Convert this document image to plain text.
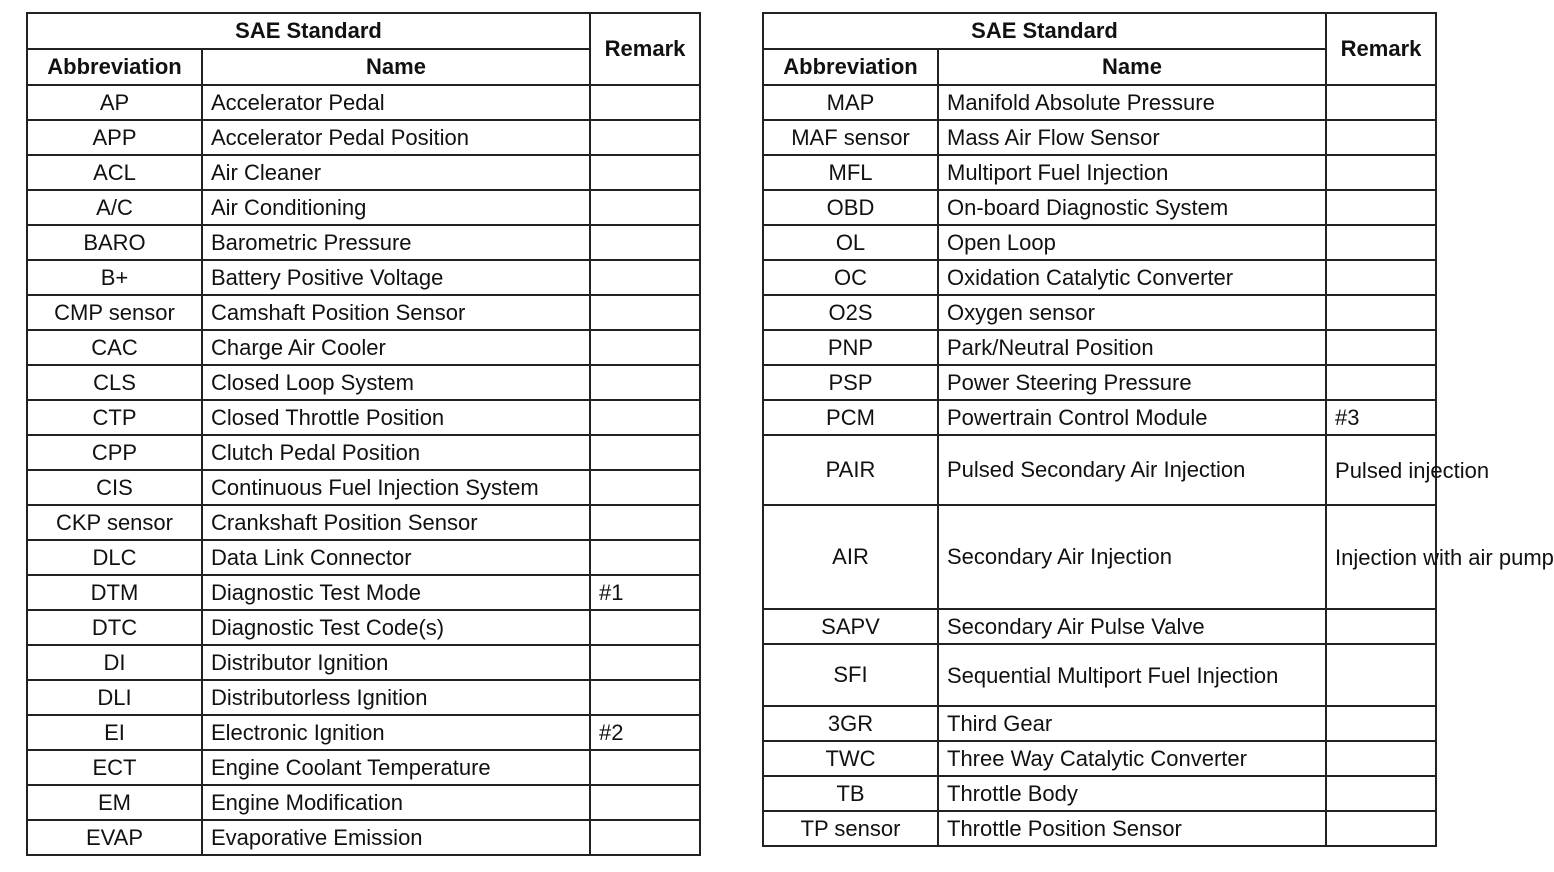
SAE Standard		Remark
Abbreviation	Name	
AP	Accelerator Pedal	
APP	Accelerator Pedal Position	
ACL	Air Cleaner	
A/C	Air Conditioning	
BARO	Barometric Pressure	
B+	Battery Positive Voltage	
CMP sensor	Camshaft Position Sensor	
CAC	Charge Air Cooler	
CLS	Closed Loop System	
CTP	Closed Throttle Position	
CPP	Clutch Pedal Position	
CIS	Continuous Fuel Injection System	
CKP sensor	Crankshaft Position Sensor	
DLC	Data Link Connector	
DTM	Diagnostic Test Mode	#1
DTC	Diagnostic Test Code(s)	
DI	Distributor Ignition	
DLI	Distributorless Ignition	
EI	Electronic Ignition	#2
ECT	Engine Coolant Temperature	
EM	Engine Modification	
EVAP	Evaporative Emission	
SAE Standard		Remark
Abbreviation	Name	
MAP	Manifold Absolute Pressure	
MAF sensor	Mass Air Flow Sensor	
MFL	Multiport Fuel Injection	
OBD	On-board Diagnostic System	
OL	Open Loop	
OC	Oxidation Catalytic Converter	
O2S	Oxygen sensor	
PNP	Park/Neutral Position	
PSP	Power Steering Pressure	
PCM	Powertrain Control Module	#3
PAIR	Pulsed Secondary Air Injection	Pulsed injection
AIR	Secondary Air Injection	Injection with air pump
SAPV	Secondary Air Pulse Valve	
SFI	Sequential Multiport Fuel Injection	
3GR	Third Gear	
TWC	Three Way Catalytic Converter	
TB	Throttle Body	
TP sensor	Throttle Position Sensor	
